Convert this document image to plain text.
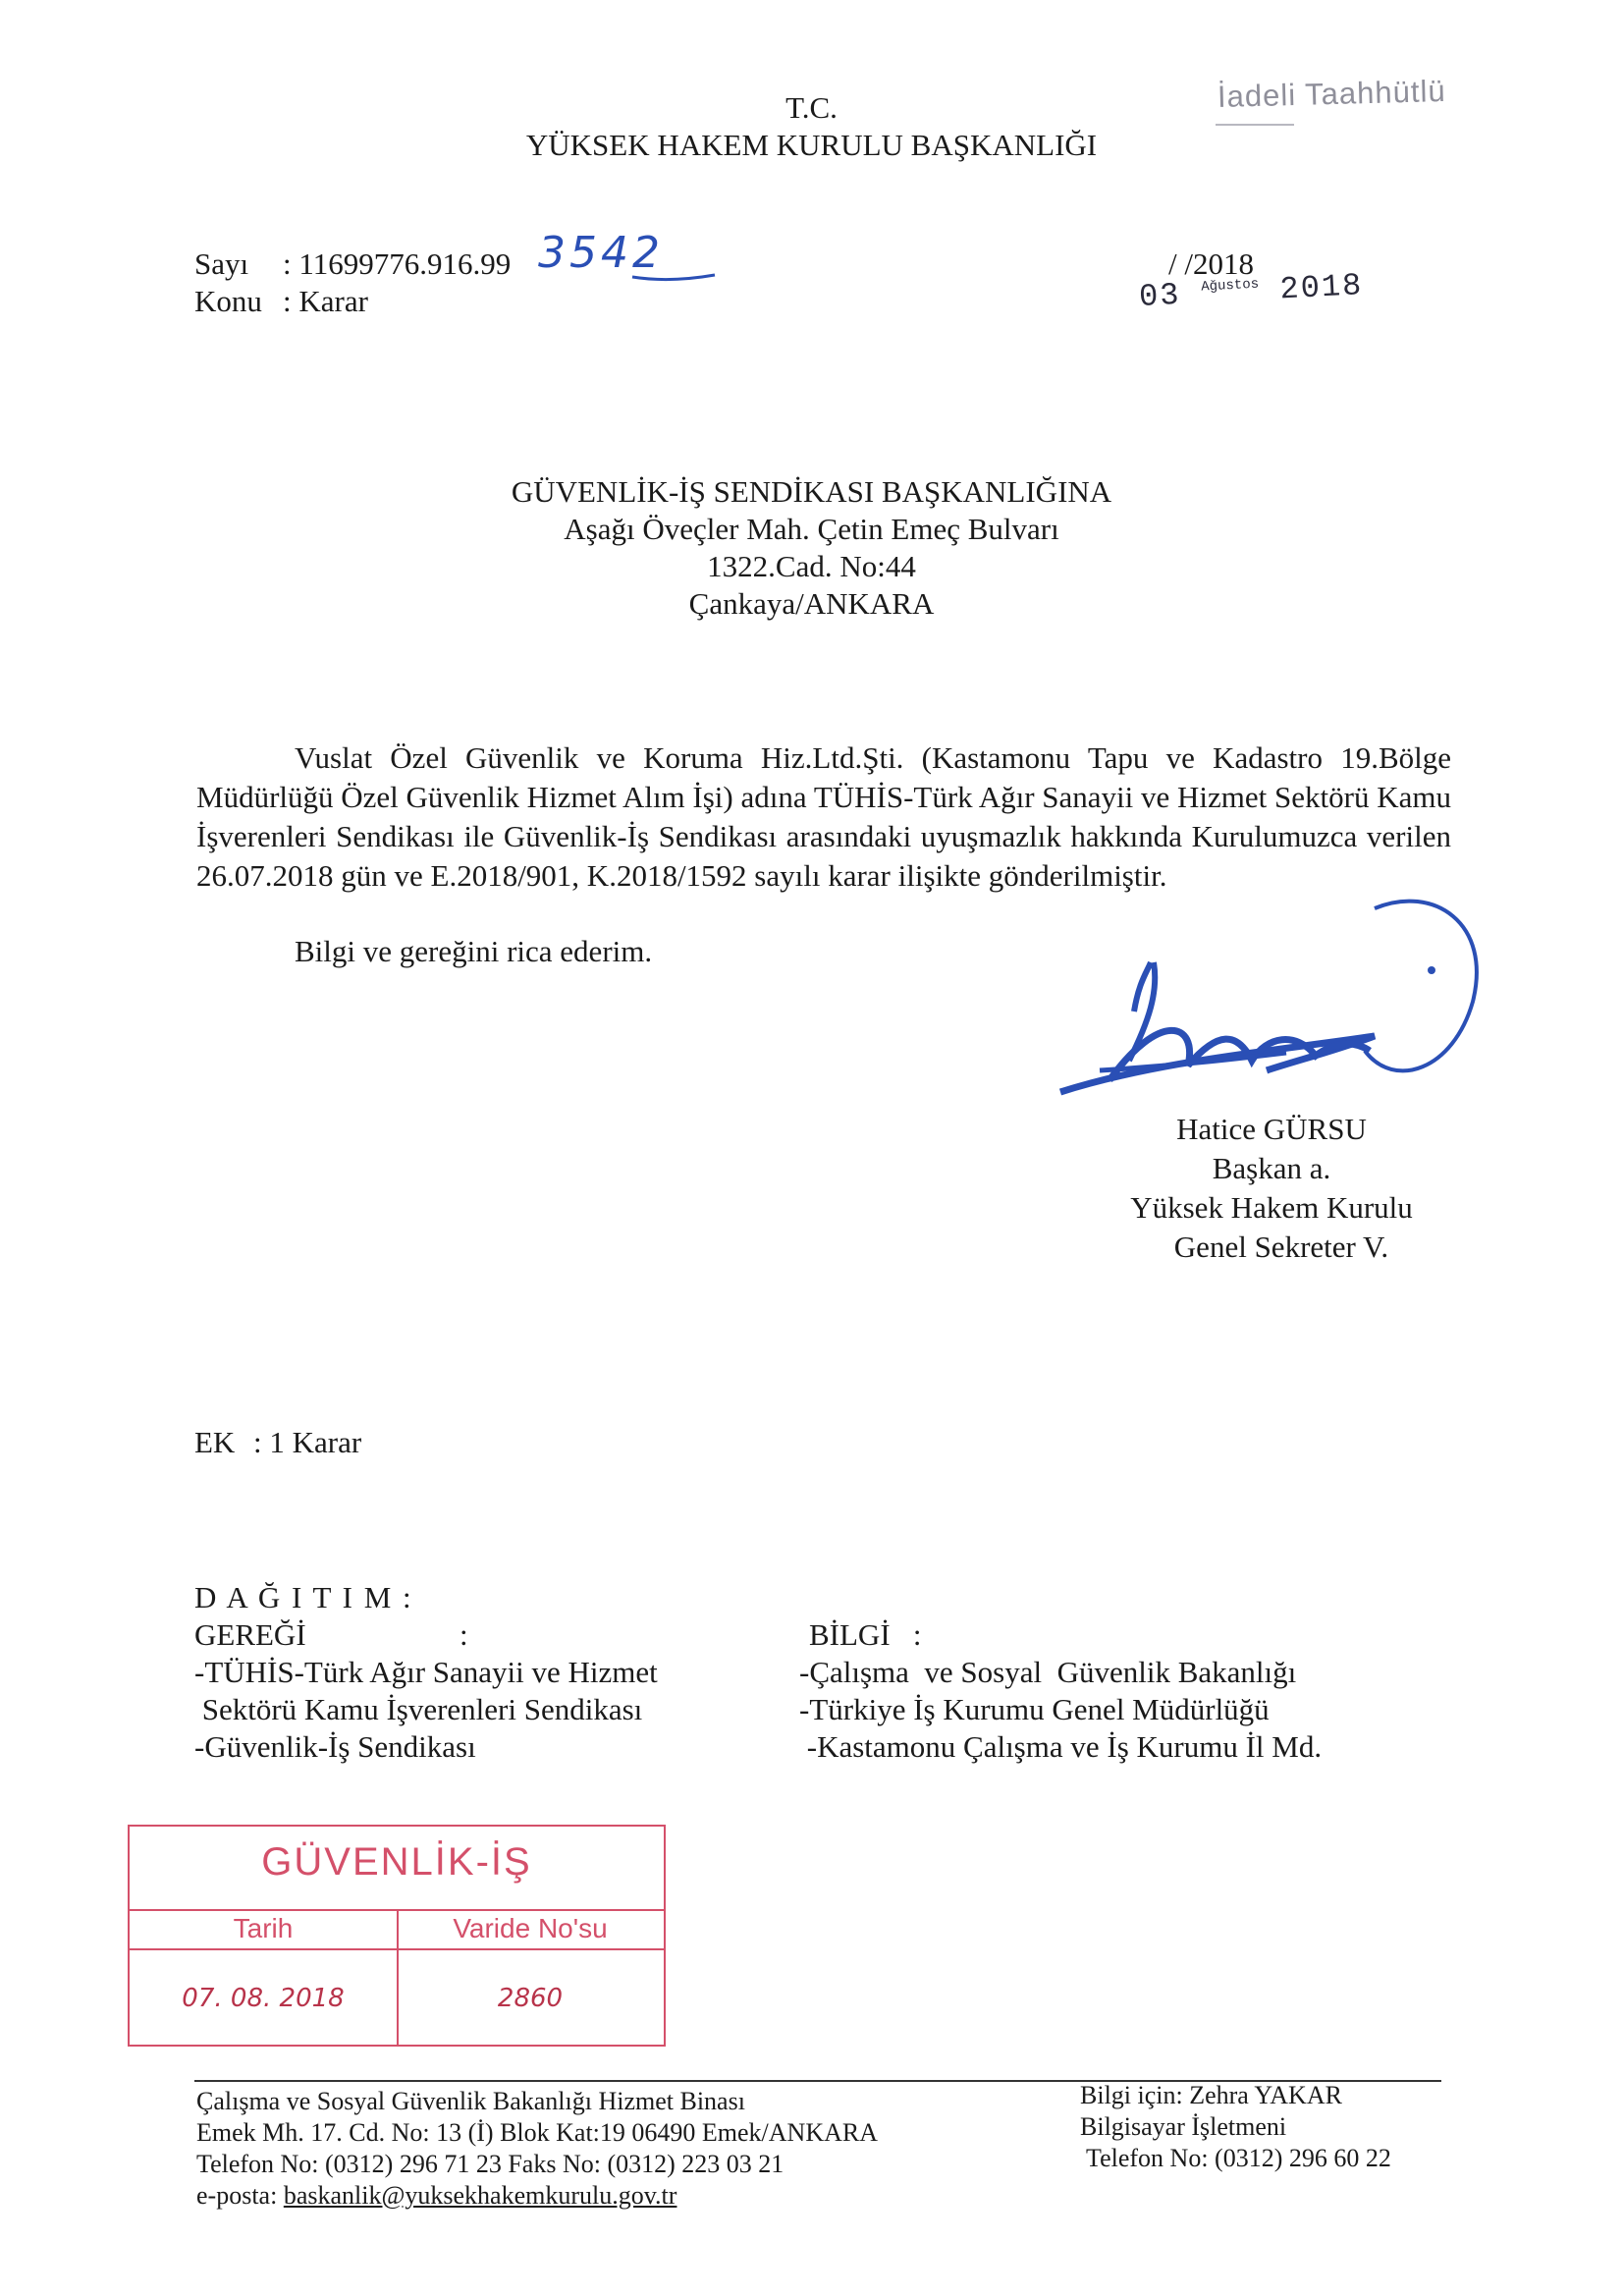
T.C.
YÜKSEK HAKEM KURULU BAŞKANLIĞI
İadeli Taahhütlü
Sayı : 11699776.916.99 3542
Konu : Karar
/ /2018
03 $^{Ağustos}$ 2018
GÜVENLİK-İŞ SENDİKASI BAŞKANLIĞINA
Aşağı Öveçler Mah. Çetin Emeç Bulvarı
1322.Cad. No:44
Çankaya/ANKARA
Vuslat Özel Güvenlik ve Koruma Hiz.Ltd.Şti. (Kastamonu Tapu ve Kadastro 19.Bölge Müdürlüğü Özel Güvenlik Hizmet Alım İşi) adına TÜHİS-Türk Ağır Sanayii ve Hizmet Sektörü Kamu İşverenleri Sendikası ile Güvenlik-İş Sendikası arasındaki uyuşmazlık hakkında Kurulumuzca verilen 26.07.2018 gün ve E.2018/901, K.2018/1592 sayılı karar ilişikte gönderilmiştir.
Bilgi ve gereğini rica ederim.
Hatice GÜRSU
Başkan a.
Yüksek Hakem Kurulu
Genel Sekreter V.
EK : 1 Karar
D A Ğ I T I M :
GEREĞİ	:
-TÜHİS-Türk Ağır Sanayii ve Hizmet
Sektörü Kamu İşverenleri Sendikası
-Güvenlik-İş Sendikası
BİLGİ   :
-Çalışma  ve Sosyal  Güvenlik Bakanlığı
-Türkiye İş Kurumu Genel Müdürlüğü
-Kastamonu Çalışma ve İş Kurumu İl Md.
GÜVENLİK-İŞ
Tarih	Varide No'su
07. 08. 2018	2860
Çalışma ve Sosyal Güvenlik Bakanlığı Hizmet Binası
Emek Mh. 17. Cd. No: 13 (İ) Blok Kat:19 06490 Emek/ANKARA
Telefon No: (0312) 296 71 23 Faks No: (0312) 223 03 21
e-posta: baskanlik@yuksekhakemkurulu.gov.tr
Bilgi için: Zehra YAKAR
Bilgisayar İşletmeni
Telefon No: (0312) 296 60 22
